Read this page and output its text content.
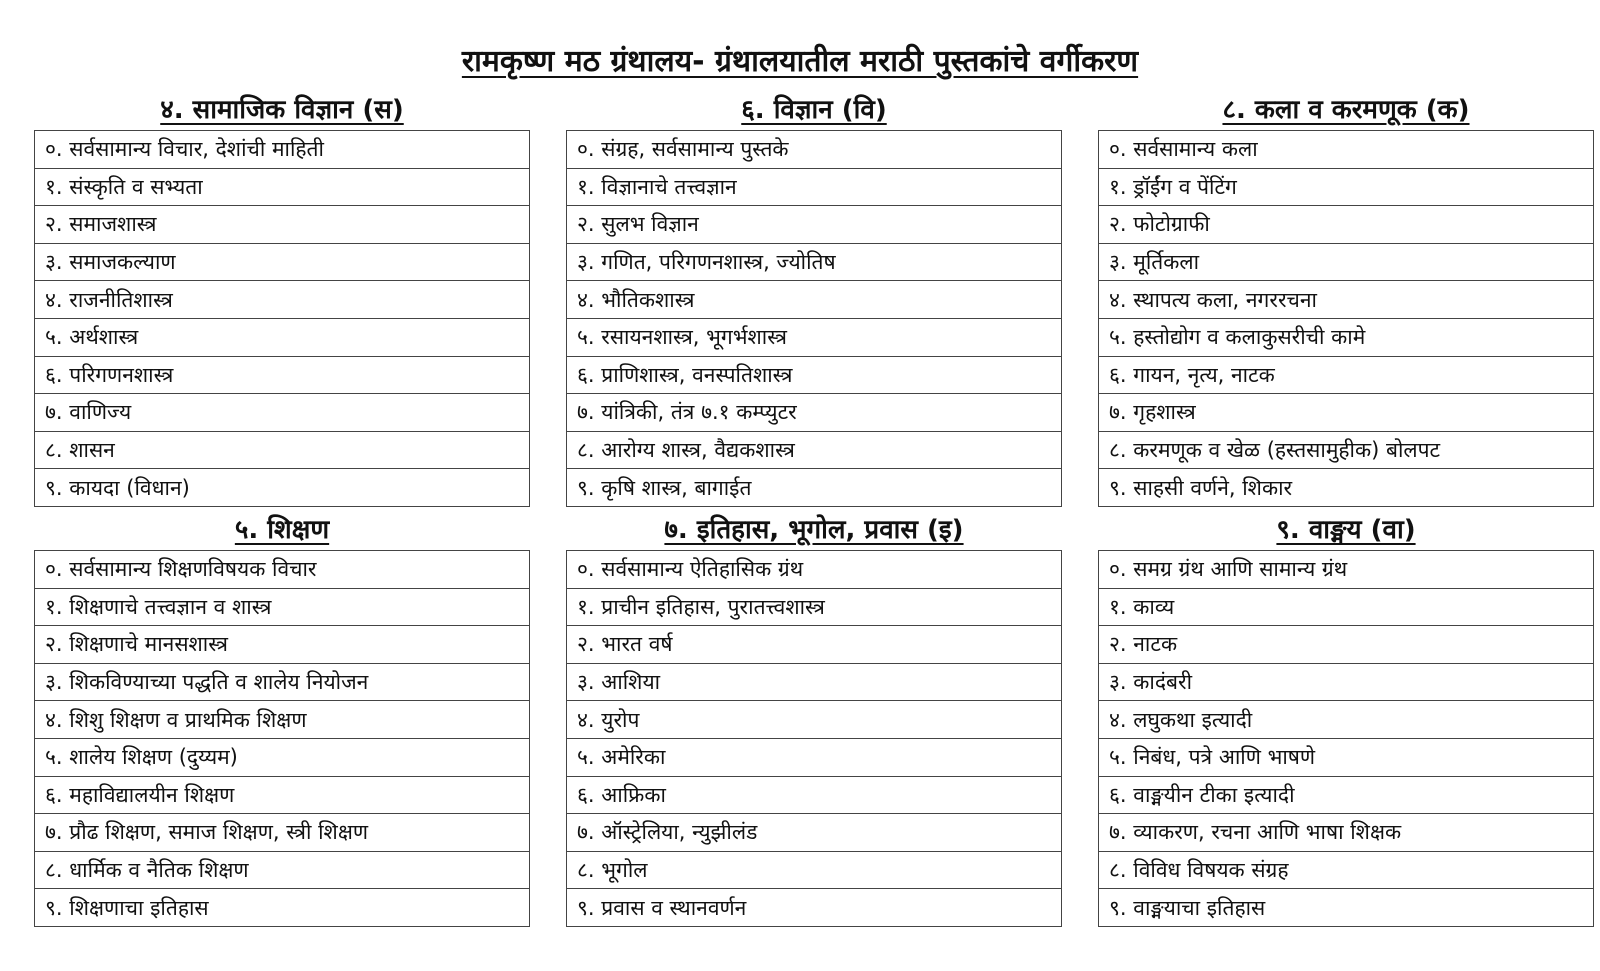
रामकृष्ण मठ ग्रंथालय- ग्रंथालयातील मराठी पुस्तकांचे वर्गीकरण
४. सामाजिक विज्ञान (स)
०. सर्वसामान्य विचार, देशांची माहिती
१. संस्कृति व सभ्यता
२. समाजशास्त्र
३. समाजकल्याण
४. राजनीतिशास्त्र
५. अर्थशास्त्र
६. परिगणनशास्त्र
७. वाणिज्य
८. शासन
९. कायदा (विधान)
६. विज्ञान (वि)
०. संग्रह, सर्वसामान्य पुस्तके
१. विज्ञानाचे तत्त्वज्ञान
२. सुलभ विज्ञान
३. गणित, परिगणनशास्त्र, ज्योतिष
४. भौतिकशास्त्र
५. रसायनशास्त्र, भूगर्भशास्त्र
६. प्राणिशास्त्र, वनस्पतिशास्त्र
७. यांत्रिकी, तंत्र ७.१ कम्प्युटर
८. आरोग्य शास्त्र, वैद्यकशास्त्र
९. कृषि शास्त्र, बागाईत
८. कला व करमणूक (क)
०. सर्वसामान्य कला
१. ड्रॉईंग व पेंटिंग
२. फोटोग्राफी
३. मूर्तिकला
४. स्थापत्य कला, नगररचना
५. हस्तोद्योग व कलाकुसरीची कामे
६. गायन, नृत्य, नाटक
७. गृहशास्त्र
८. करमणूक व खेळ (हस्तसामुहीक) बोलपट
९. साहसी वर्णने, शिकार
५. शिक्षण
०. सर्वसामान्य शिक्षणविषयक विचार
१. शिक्षणाचे तत्त्वज्ञान व शास्त्र
२. शिक्षणाचे मानसशास्त्र
३. शिकविण्याच्या पद्धति व शालेय नियोजन
४. शिशु शिक्षण व प्राथमिक शिक्षण
५. शालेय शिक्षण (दुय्यम)
६. महाविद्यालयीन शिक्षण
७. प्रौढ शिक्षण, समाज शिक्षण, स्त्री शिक्षण
८. धार्मिक व नैतिक शिक्षण
९. शिक्षणाचा इतिहास
७. इतिहास, भूगोल, प्रवास (इ)
०. सर्वसामान्य ऐतिहासिक ग्रंथ
१. प्राचीन इतिहास, पुरातत्त्वशास्त्र
२. भारत वर्ष
३. आशिया
४. युरोप
५. अमेरिका
६. आफ्रिका
७. ऑस्ट्रेलिया, न्युझीलंड
८. भूगोल
९. प्रवास व स्थानवर्णन
९. वाङ्मय (वा)
०. समग्र ग्रंथ आणि सामान्य ग्रंथ
१. काव्य
२. नाटक
३. कादंबरी
४. लघुकथा इत्यादी
५. निबंध, पत्रे आणि भाषणे
६. वाङ्मयीन टीका इत्यादी
७. व्याकरण, रचना आणि भाषा शिक्षक
८. विविध विषयक संग्रह
९. वाङ्मयाचा इतिहास
